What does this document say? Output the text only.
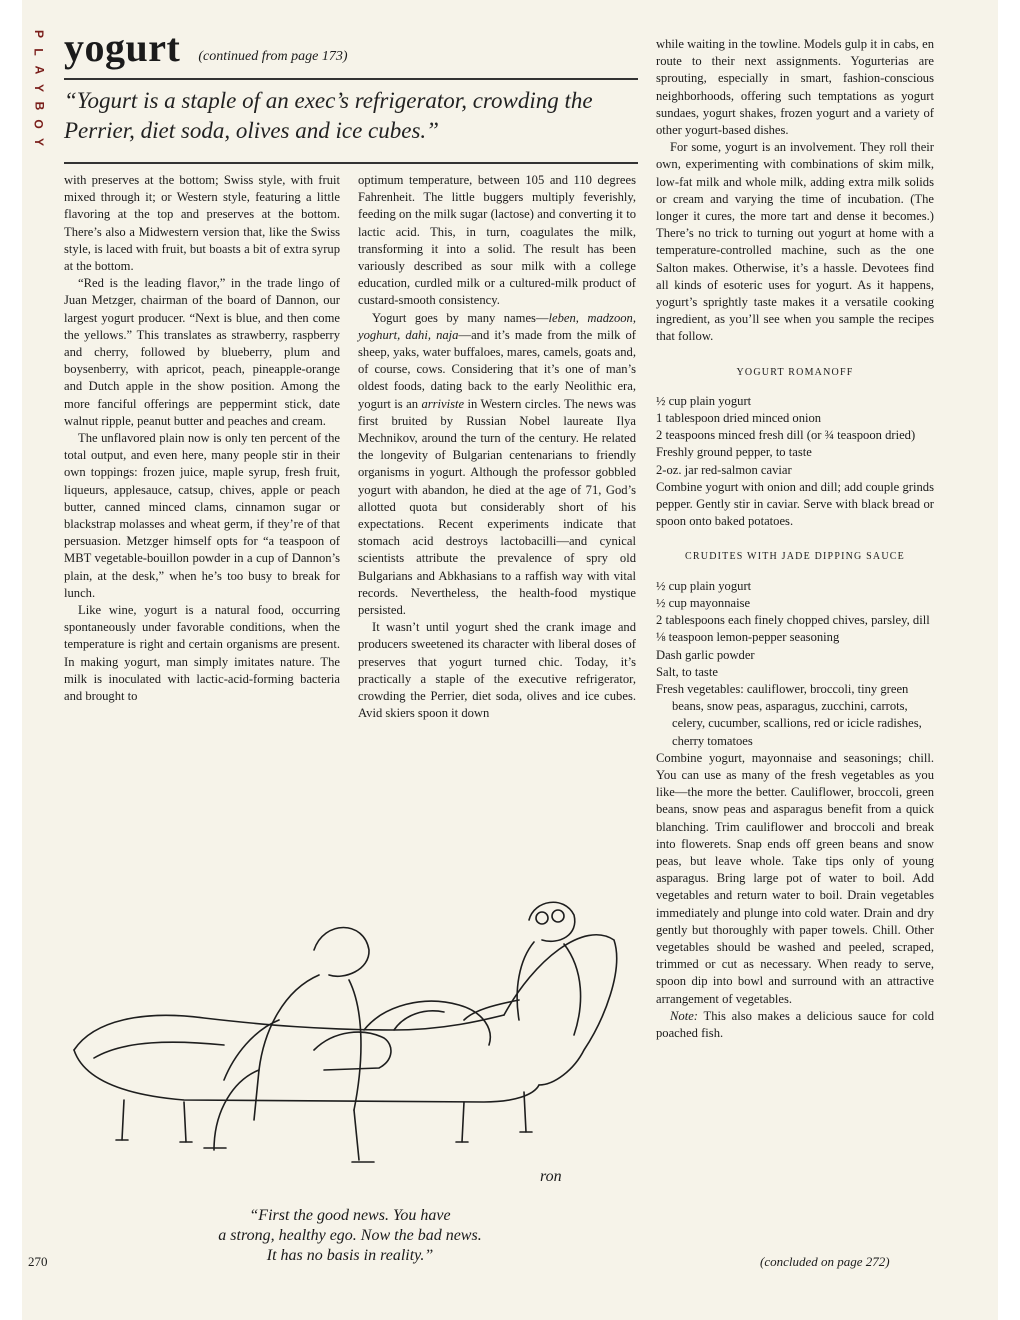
P
L
A
Y
B
O
Y
yogurt (continued from page 173)
“Yogurt is a staple of an exec’s refrigerator, crowding the Perrier, diet soda, olives and ice cubes.”

with preserves at the bottom; Swiss style, with fruit mixed through it; or Western style, featuring a little flavoring at the top and preserves at the bottom. There’s also a Midwestern version that, like the Swiss style, is laced with fruit, but boasts a bit of extra syrup at the bottom.

“Red is the leading flavor,” in the trade lingo of Juan Metzger, chairman of the board of Dannon, our largest yogurt producer. “Next is blue, and then come the yellows.” This translates as strawberry, raspberry and cherry, followed by blueberry, plum and boysenberry, with apricot, peach, pineapple-orange and Dutch apple in the show position. Among the more fanciful offerings are peppermint stick, date walnut ripple, peanut butter and peaches and cream.

The unflavored plain now is only ten percent of the total output, and even here, many people stir in their own toppings: frozen juice, maple syrup, fresh fruit, liqueurs, applesauce, catsup, chives, apple or peach butter, canned minced clams, cinnamon sugar or blackstrap molasses and wheat germ, if they’re of that persuasion. Metzger himself opts for “a teaspoon of MBT vegetable-bouillon powder in a cup of Dannon’s plain, at the desk,” when he’s too busy to break for lunch.

Like wine, yogurt is a natural food, occurring spontaneously under favorable conditions, when the temperature is right and certain organisms are present. In making yogurt, man simply imitates nature. The milk is inoculated with lactic-acid-forming bacteria and brought to

optimum temperature, between 105 and 110 degrees Fahrenheit. The little buggers multiply feverishly, feeding on the milk sugar (lactose) and converting it to lactic acid. This, in turn, coagulates the milk, transforming it into a solid. The result has been variously described as sour milk with a college education, curdled milk or a cultured-milk product of custard-smooth consistency.

Yogurt goes by many names—leben, madzoon, yoghurt, dahi, naja—and it’s made from the milk of sheep, yaks, water buffaloes, mares, camels, goats and, of course, cows. Considering that it’s one of man’s oldest foods, dating back to the early Neolithic era, yogurt is an arriviste in Western circles. The news was first bruited by Russian Nobel laureate Ilya Mechnikov, around the turn of the century. He related the longevity of Bulgarian centenarians to friendly organisms in yogurt. Although the professor gobbled yogurt with abandon, he died at the age of 71, God’s allotted quota but considerably short of his expectations. Recent experiments indicate that stomach acid destroys lactobacilli—and cynical scientists attribute the prevalence of spry old Bulgarians and Abkhasians to a raffish way with vital records. Nevertheless, the health-food mystique persisted.

It wasn’t until yogurt shed the crank image and producers sweetened its character with liberal doses of preserves that yogurt turned chic. Today, it’s practically a staple of the executive refrigerator, crowding the Perrier, diet soda, olives and ice cubes. Avid skiers spoon it down

while waiting in the towline. Models gulp it in cabs, en route to their next assignments. Yogurterias are sprouting, especially in smart, fashion-conscious neighborhoods, offering such temptations as yogurt sundaes, yogurt shakes, frozen yogurt and a variety of other yogurt-based dishes.

For some, yogurt is an involvement. They roll their own, experimenting with combinations of skim milk, low-fat milk and whole milk, adding extra milk solids or cream and varying the time of incubation. (The longer it cures, the more tart and dense it becomes.) There’s no trick to turning out yogurt at home with a temperature-controlled machine, such as the one Salton makes. Otherwise, it’s a hassle. Devotees find all kinds of esoteric uses for yogurt. As it happens, yogurt’s sprightly taste makes it a versatile cooking ingredient, as you’ll see when you sample the recipes that follow.

YOGURT ROMANOFF
½ cup plain yogurt
1 tablespoon dried minced onion
2 teaspoons minced fresh dill (or ¾ teaspoon dried)
Freshly ground pepper, to taste
2-oz. jar red-salmon caviar

Combine yogurt with onion and dill; add couple grinds pepper. Gently stir in caviar. Serve with black bread or spoon onto baked potatoes.

CRUDITES WITH JADE DIPPING SAUCE
½ cup plain yogurt
½ cup mayonnaise
2 tablespoons each finely chopped chives, parsley, dill
⅛ teaspoon lemon-pepper seasoning
Dash garlic powder
Salt, to taste
Fresh vegetables: cauliflower, broccoli, tiny green beans, snow peas, asparagus, zucchini, carrots, celery, cucumber, scallions, red or icicle radishes, cherry tomatoes

Combine yogurt, mayonnaise and seasonings; chill. You can use as many of the fresh vegetables as you like—the more the better. Cauliflower, broccoli, green beans, snow peas and asparagus benefit from a quick blanching. Trim cauliflower and broccoli and break into flowerets. Snap ends off green beans and snow peas, but leave whole. Take tips only of young asparagus. Bring large pot of water to boil. Add vegetables and return water to boil. Drain vegetables immediately and plunge into cold water. Drain and dry gently but thoroughly with paper towels. Chill. Other vegetables should be washed and peeled, scraped, trimmed or cut as necessary. When ready to serve, spoon dip into bowl and surround with an attractive arrangement of vegetables.

Note: This also makes a delicious sauce for cold poached fish.

ron
“First the good news. You have
a strong, healthy ego. Now the bad news.
It has no basis in reality.”
270	(concluded on page 272)
